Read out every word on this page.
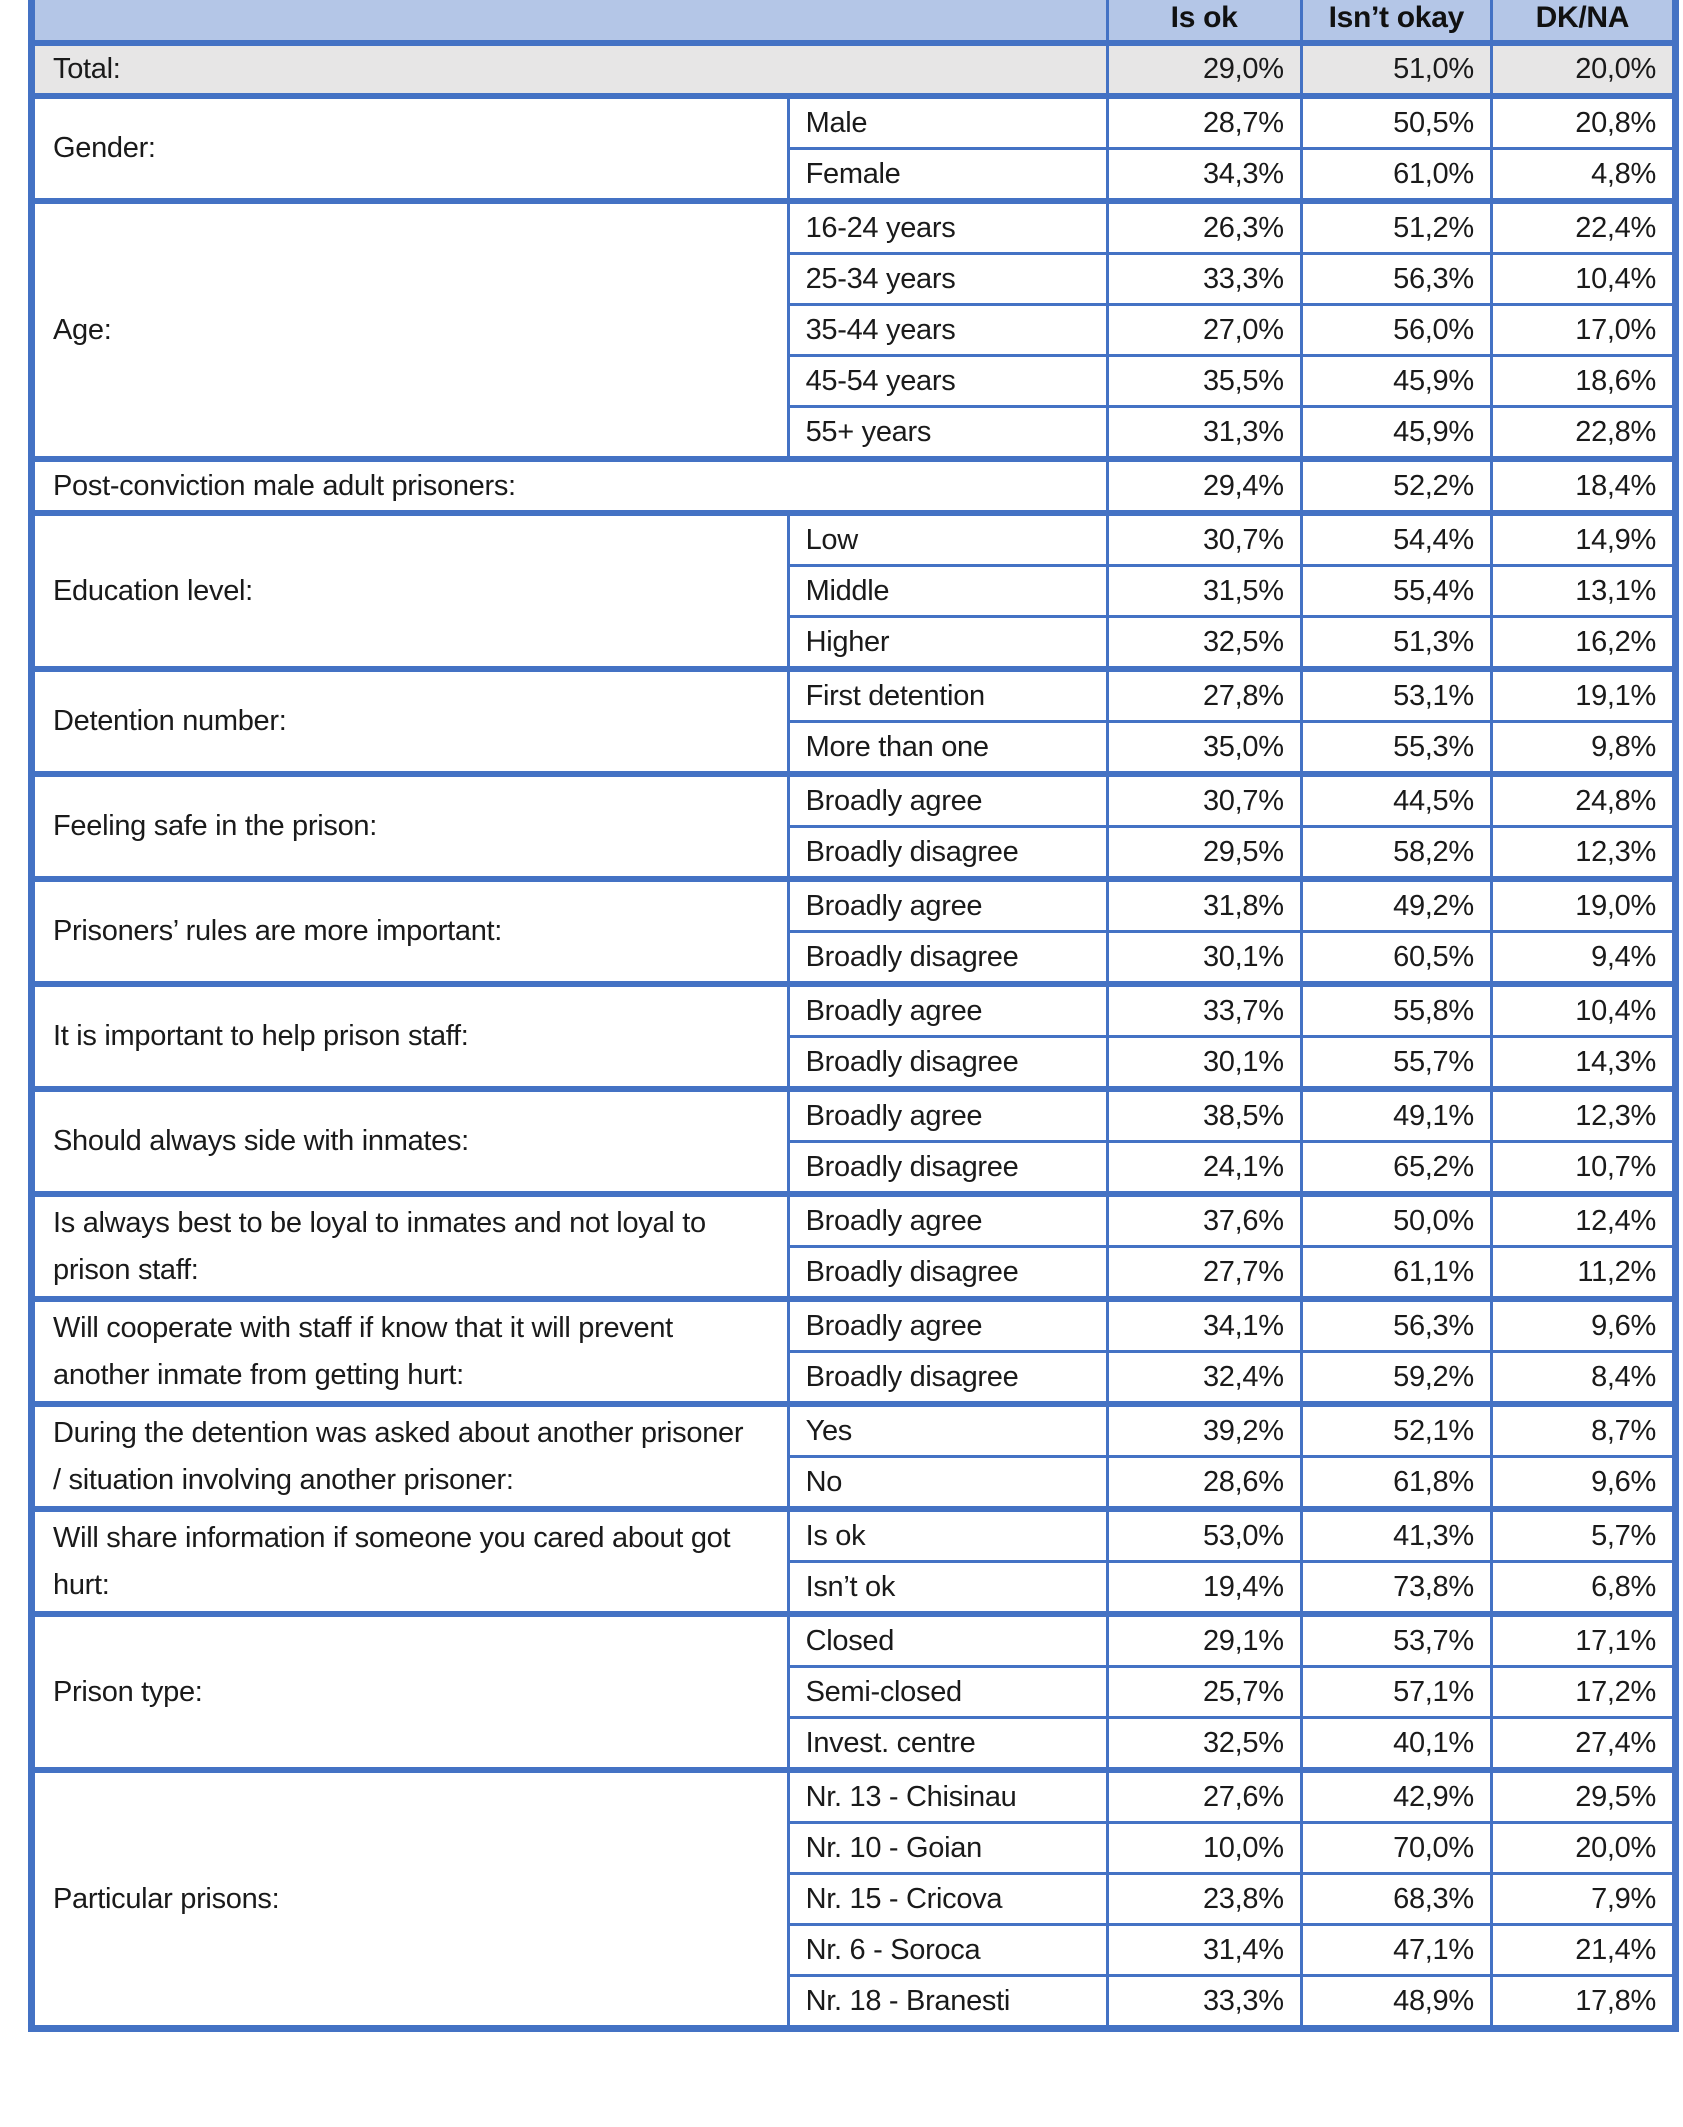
		Is ok	Isn’t okay	DK/NA
Total:		29,0%	51,0%	20,0%
Gender:	Male	28,7%	50,5%	20,8%
	Female	34,3%	61,0%	4,8%
Age:	16-24 years	26,3%	51,2%	22,4%
	25-34 years	33,3%	56,3%	10,4%
	35-44 years	27,0%	56,0%	17,0%
	45-54 years	35,5%	45,9%	18,6%
	55+ years	31,3%	45,9%	22,8%
Post-conviction male adult prisoners:		29,4%	52,2%	18,4%
Education level:	Low	30,7%	54,4%	14,9%
	Middle	31,5%	55,4%	13,1%
	Higher	32,5%	51,3%	16,2%
Detention number:	First detention	27,8%	53,1%	19,1%
	More than one	35,0%	55,3%	9,8%
Feeling safe in the prison:	Broadly agree	30,7%	44,5%	24,8%
	Broadly disagree	29,5%	58,2%	12,3%
Prisoners’ rules are more important:	Broadly agree	31,8%	49,2%	19,0%
	Broadly disagree	30,1%	60,5%	9,4%
It is important to help prison staff:	Broadly agree	33,7%	55,8%	10,4%
	Broadly disagree	30,1%	55,7%	14,3%
Should always side with inmates:	Broadly agree	38,5%	49,1%	12,3%
	Broadly disagree	24,1%	65,2%	10,7%
Is always best to be loyal to inmates and not loyal to prison staff:	Broadly agree	37,6%	50,0%	12,4%
	Broadly disagree	27,7%	61,1%	11,2%
Will cooperate with staff if know that it will prevent another inmate from getting hurt:	Broadly agree	34,1%	56,3%	9,6%
	Broadly disagree	32,4%	59,2%	8,4%
During the detention was asked about another prisoner / situation involving another prisoner:	Yes	39,2%	52,1%	8,7%
	No	28,6%	61,8%	9,6%
Will share information if someone you cared about got hurt:	Is ok	53,0%	41,3%	5,7%
	Isn’t ok	19,4%	73,8%	6,8%
Prison type:	Closed	29,1%	53,7%	17,1%
	Semi-closed	25,7%	57,1%	17,2%
	Invest. centre	32,5%	40,1%	27,4%
Particular prisons:	Nr. 13 - Chisinau	27,6%	42,9%	29,5%
	Nr. 10 - Goian	10,0%	70,0%	20,0%
	Nr. 15 - Cricova	23,8%	68,3%	7,9%
	Nr. 6 - Soroca	31,4%	47,1%	21,4%
	Nr. 18 - Branesti	33,3%	48,9%	17,8%
